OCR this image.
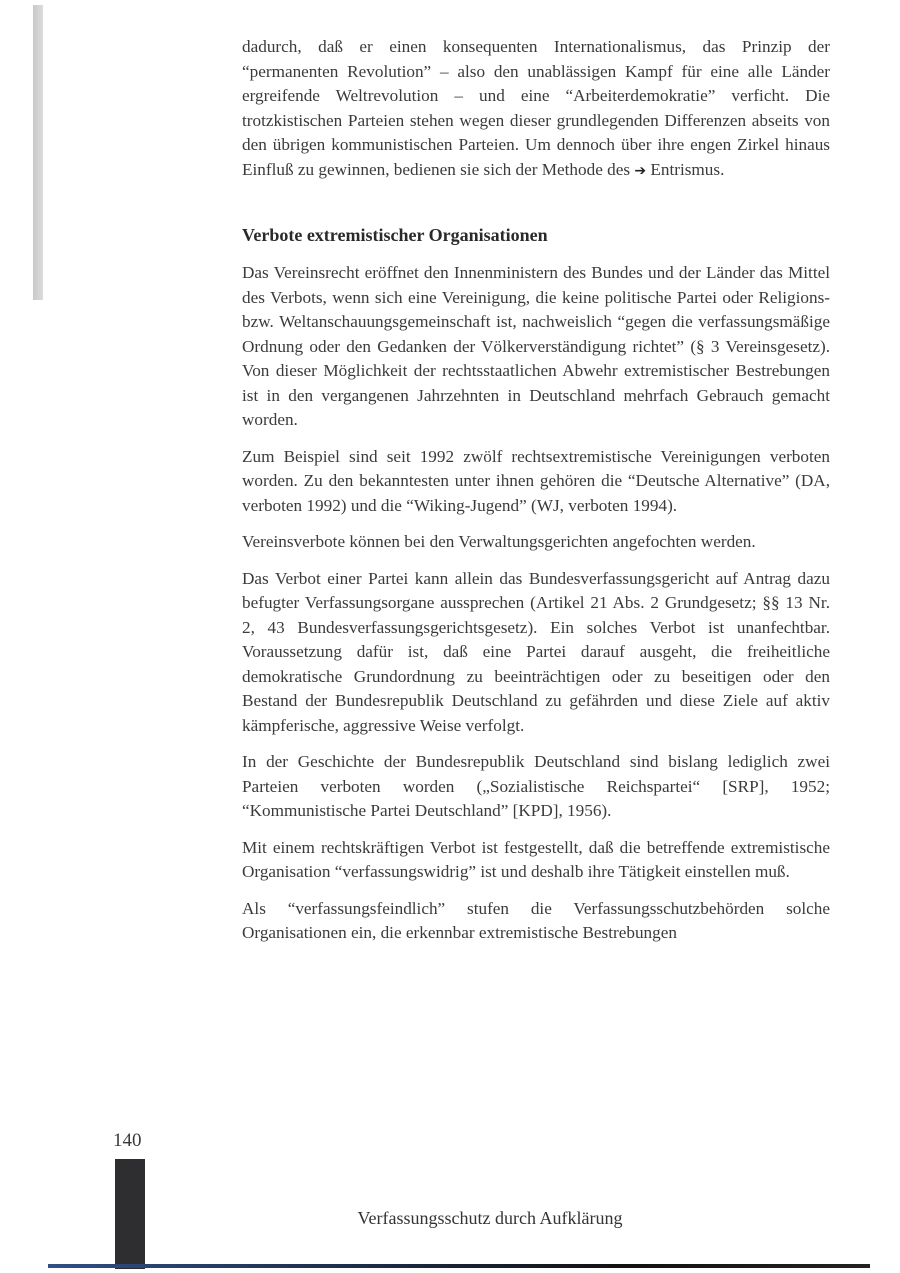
dadurch, daß er einen konsequenten Internationalismus, das Prinzip der “permanenten Revolution” – also den unablässigen Kampf für eine alle Länder ergreifende Weltrevolution – und eine “Arbeiterdemokratie” verficht. Die trotzkistischen Parteien stehen wegen dieser grundlegenden Differenzen abseits von den übrigen kommunistischen Parteien. Um dennoch über ihre engen Zirkel hinaus Einfluß zu gewinnen, bedienen sie sich der Methode des ➔ Entrismus.

Verbote extremistischer Organisationen

Das Vereinsrecht eröffnet den Innenministern des Bundes und der Länder das Mittel des Verbots, wenn sich eine Vereinigung, die keine politische Partei oder Religions- bzw. Weltanschauungsgemeinschaft ist, nachweislich “gegen die verfassungsmäßige Ordnung oder den Gedanken der Völkerverständigung richtet” (§ 3 Vereinsgesetz). Von dieser Möglichkeit der rechtsstaatlichen Abwehr extremistischer Bestrebungen ist in den vergangenen Jahrzehnten in Deutschland mehrfach Gebrauch gemacht worden.

Zum Beispiel sind seit 1992 zwölf rechtsextremistische Vereinigungen verboten worden. Zu den bekanntesten unter ihnen gehören die “Deutsche Alternative” (DA, verboten 1992) und die “Wiking-Jugend” (WJ, verboten 1994).

Vereinsverbote können bei den Verwaltungsgerichten angefochten werden.

Das Verbot einer Partei kann allein das Bundesverfassungsgericht auf Antrag dazu befugter Verfassungsorgane aussprechen (Artikel 21 Abs. 2 Grundgesetz; §§ 13 Nr. 2, 43 Bundesverfassungsgerichtsgesetz). Ein solches Verbot ist unanfechtbar. Voraussetzung dafür ist, daß eine Partei darauf ausgeht, die freiheitliche demokratische Grundordnung zu beeinträchtigen oder zu beseitigen oder den Bestand der Bundesrepublik Deutschland zu gefährden und diese Ziele auf aktiv kämpferische, aggressive Weise verfolgt.

In der Geschichte der Bundesrepublik Deutschland sind bislang lediglich zwei Parteien verboten worden („Sozialistische Reichspartei“ [SRP], 1952; “Kommunistische Partei Deutschland” [KPD], 1956).

Mit einem rechtskräftigen Verbot ist festgestellt, daß die betreffende extremistische Organisation “verfassungswidrig” ist und deshalb ihre Tätigkeit einstellen muß.

Als “verfassungsfeindlich” stufen die Verfassungsschutzbehörden solche Organisationen ein, die erkennbar extremistische Bestrebungen

140
Verfassungsschutz durch Aufklärung
